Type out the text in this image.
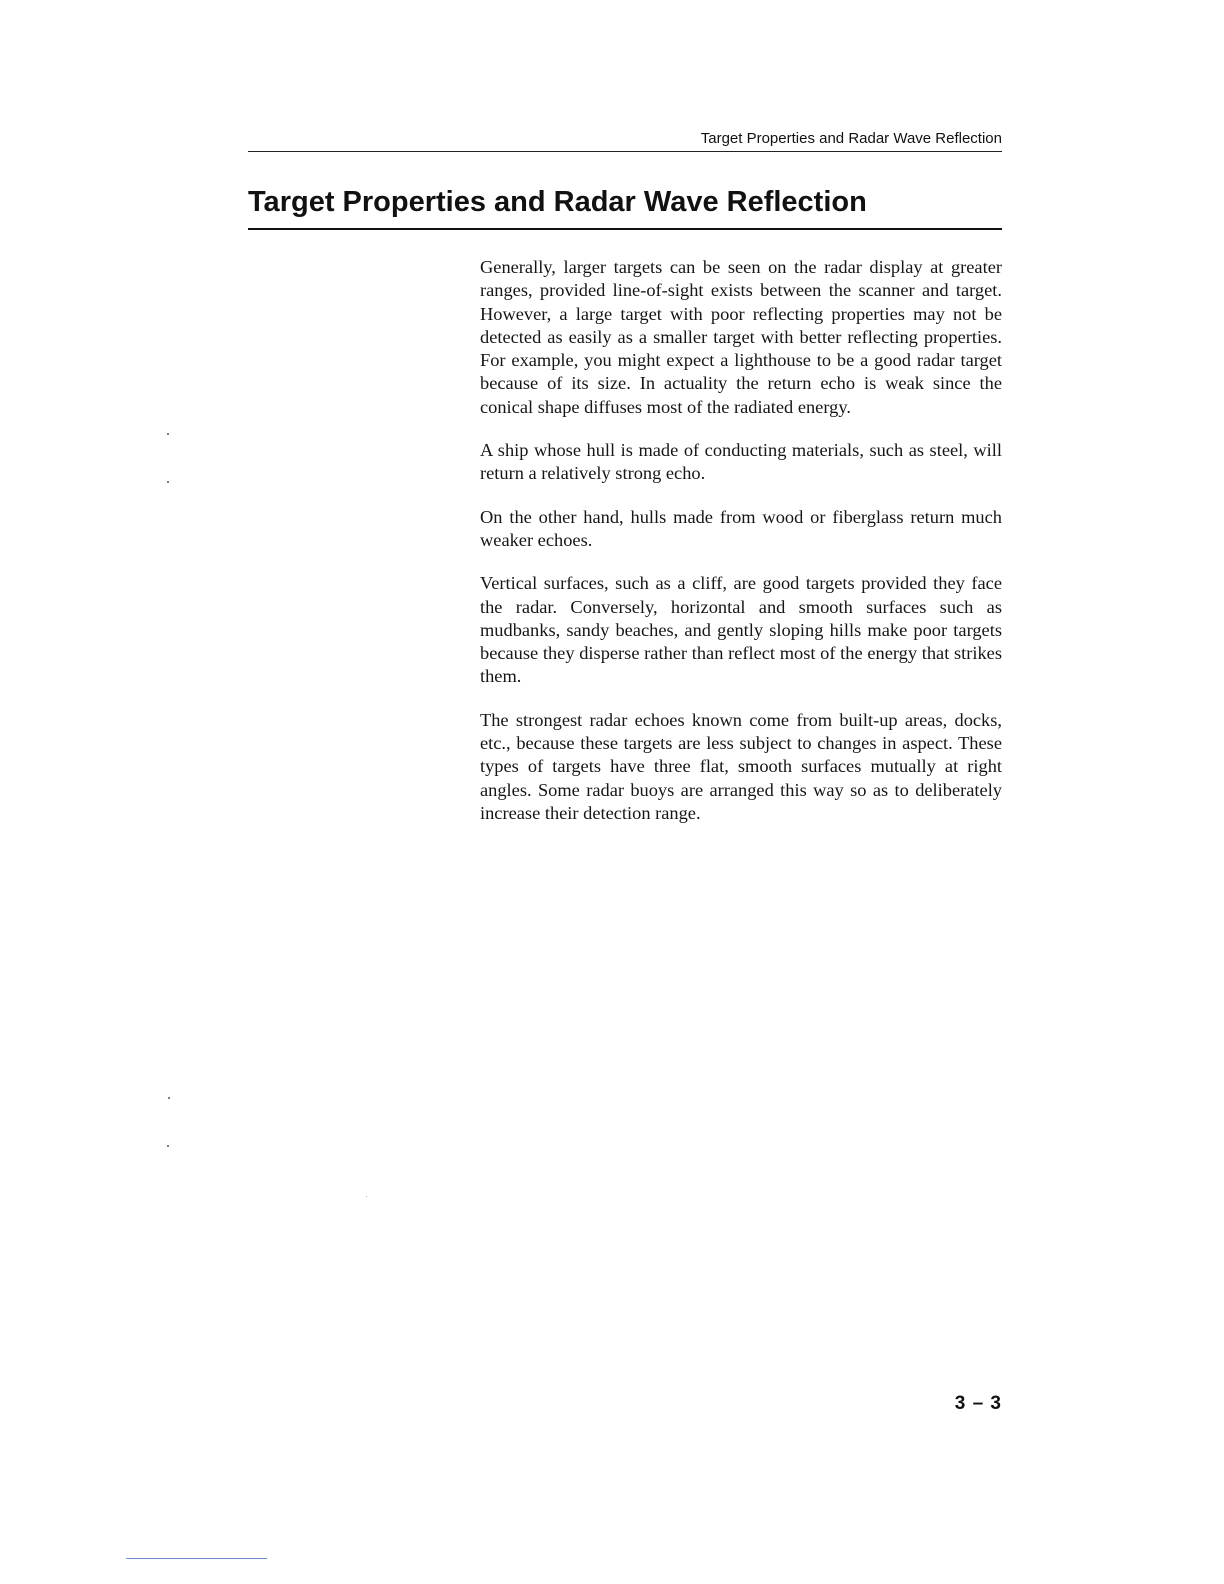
Target Properties and Radar Wave Reflection
Target Properties and Radar Wave Reflection

Generally, larger targets can be seen on the radar display at greater ranges, provided line-of-sight exists between the scanner and target. However, a large target with poor reflecting properties may not be detected as easily as a smaller target with better reflecting properties. For example, you might expect a lighthouse to be a good radar target because of its size. In actuality the return echo is weak since the conical shape diffuses most of the radiated energy.

A ship whose hull is made of conducting materials, such as steel, will return a relatively strong echo.

On the other hand, hulls made from wood or fiberglass return much weaker echoes.

Vertical surfaces, such as a cliff, are good targets provided they face the radar. Conversely, horizontal and smooth surfaces such as mudbanks, sandy beaches, and gently sloping hills make poor targets because they disperse rather than reflect most of the energy that strikes them.

The strongest radar echoes known come from built-up areas, docks, etc., because these targets are less subject to changes in aspect. These types of targets have three flat, smooth surfaces mutually at right angles. Some radar buoys are arranged this way so as to deliberately increase their detection range.

3 – 3
